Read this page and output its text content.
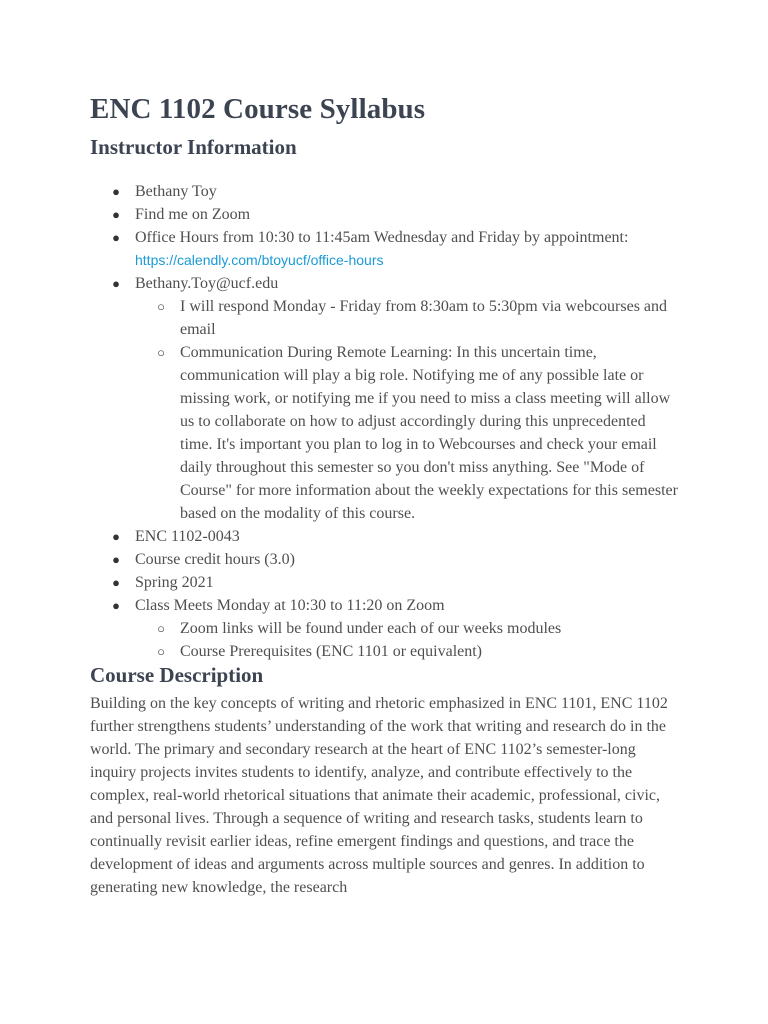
ENC 1102 Course Syllabus
Instructor Information
● Bethany Toy
● Find me on Zoom
● Office Hours from 10:30 to 11:45am Wednesday and Friday by appointment:
https://calendly.com/btoyucf/office-hours
● Bethany.Toy@ucf.edu
○ I will respond Monday - Friday from 8:30am to 5:30pm via webcourses and email
○ Communication During Remote Learning: In this uncertain time, communication will play a big role. Notifying me of any possible late or missing work, or notifying me if you need to miss a class meeting will allow us to collaborate on how to adjust accordingly during this unprecedented time. It's important you plan to log in to Webcourses and check your email daily throughout this semester so you don't miss anything. See "Mode of Course" for more information about the weekly expectations for this semester based on the modality of this course.
● ENC 1102-0043
● Course credit hours (3.0)
● Spring 2021
● Class Meets Monday at 10:30 to 11:20 on Zoom
○ Zoom links will be found under each of our weeks modules
○ Course Prerequisites (ENC 1101 or equivalent)
Course Description

Building on the key concepts of writing and rhetoric emphasized in ENC 1101, ENC 1102 further strengthens students’ understanding of the work that writing and research do in the world. The primary and secondary research at the heart of ENC 1102’s semester-long inquiry projects invites students to identify, analyze, and contribute effectively to the complex, real-world rhetorical situations that animate their academic, professional, civic, and personal lives. Through a sequence of writing and research tasks, students learn to continually revisit earlier ideas, refine emergent findings and questions, and trace the development of ideas and arguments across multiple sources and genres. In addition to generating new knowledge, the research
